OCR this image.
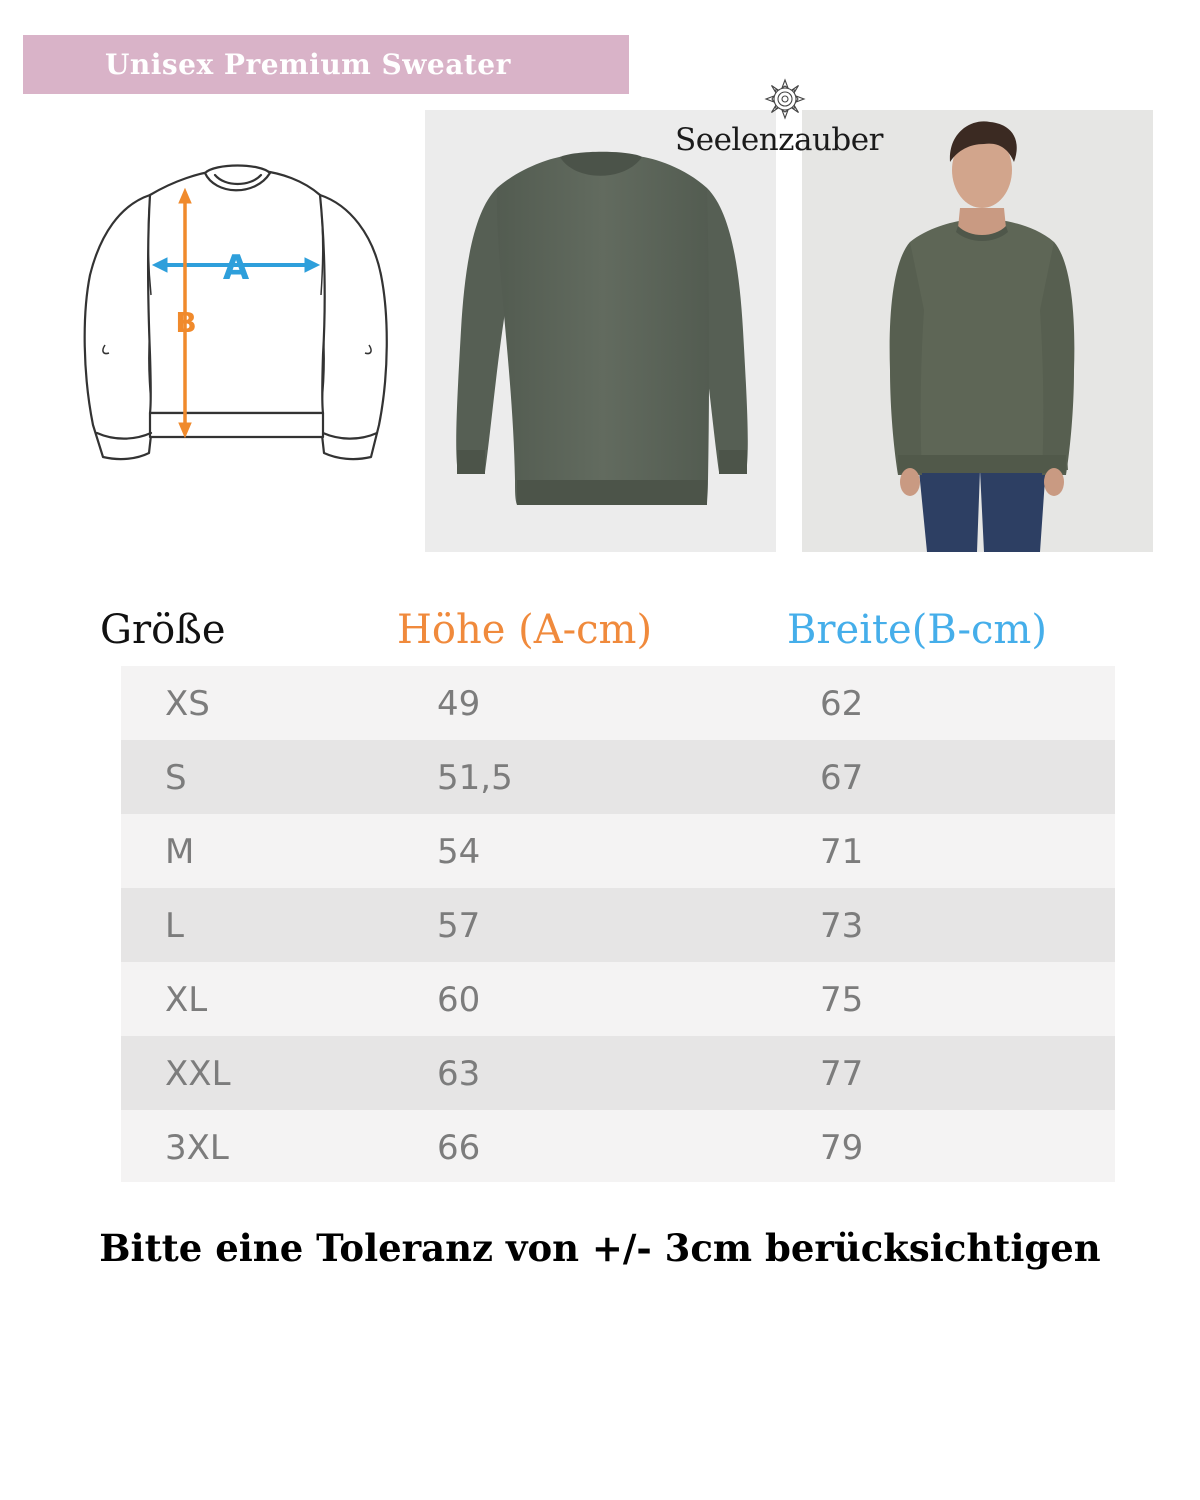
Unisex Premium Sweater
A
B
Seelenzauber
Größe	Höhe (A-cm)	Breite(B-cm)
XS	49	62
S	51,5	67
M	54	71
L	57	73
XL	60	75
XXL	63	77
3XL	66	79
Bitte eine Toleranz von +/- 3cm berücksichtigen
